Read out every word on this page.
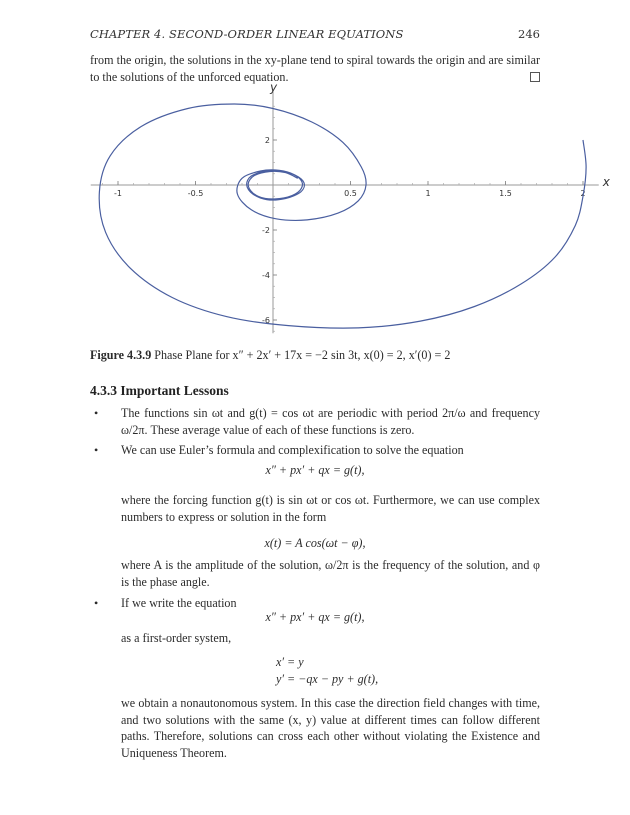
CHAPTER 4. SECOND-ORDER LINEAR EQUATIONS	246
from the origin, the solutions in the xy-plane tend to spiral towards the origin and are similar to the solutions of the unforced equation.
-1	-0.5	0.5	1	1.5	2
2
-2
-4
-6
x
y
Figure 4.3.9 Phase Plane for x″ + 2x′ + 17x = −2 sin 3t, x(0) = 2, x′(0) = 2
4.3.3 Important Lessons
• The functions sin ωt and g(t) = cos ωt are periodic with period 2π/ω and frequency ω/2π. These average value of each of these functions is zero.
• We can use Euler’s formula and complexification to solve the equation
x″ + px′ + qx = g(t),
where the forcing function g(t) is sin ωt or cos ωt. Furthermore, we can use complex numbers to express or solution in the form
x(t) = A cos(ωt − φ),
where A is the amplitude of the solution, ω/2π is the frequency of the solution, and φ is the phase angle.
• If we write the equation
x″ + px′ + qx = g(t),
as a first-order system,
x′ = y
y′ = −qx − py + g(t),
we obtain a nonautonomous system. In this case the direction field changes with time, and two solutions with the same (x, y) value at different times can follow different paths. Therefore, solutions can cross each other without violating the Existence and Uniqueness Theorem.
